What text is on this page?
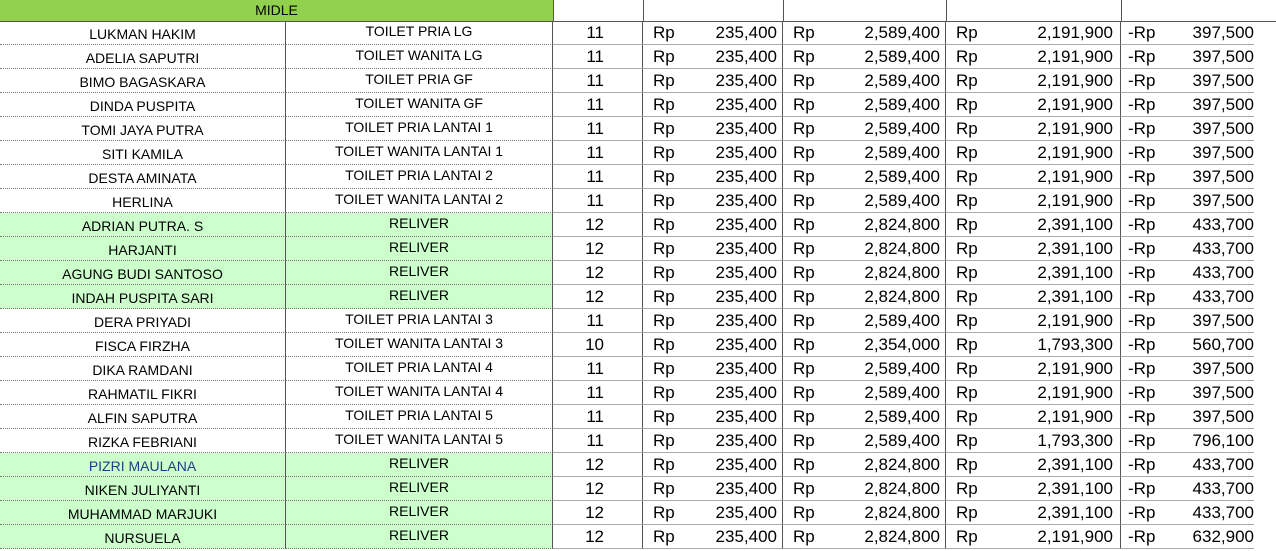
MIDLE
LUKMAN HAKIM	TOILET PRIA LG	11	Rp	235,400 Rp	2,589,400 Rp	2,191,900 -Rp	397,500
ADELIA SAPUTRI	TOILET WANITA LG	11	Rp	235,400 Rp	2,589,400 Rp	2,191,900 -Rp	397,500
BIMO BAGASKARA	TOILET PRIA GF	11	Rp	235,400 Rp	2,589,400 Rp	2,191,900 -Rp	397,500
DINDA PUSPITA	TOILET WANITA GF	11	Rp	235,400 Rp	2,589,400 Rp	2,191,900 -Rp	397,500
TOMI JAYA PUTRA	TOILET PRIA LANTAI 1	11	Rp	235,400 Rp	2,589,400 Rp	2,191,900 -Rp	397,500
SITI KAMILA	TOILET WANITA LANTAI 1	11	Rp	235,400 Rp	2,589,400 Rp	2,191,900 -Rp	397,500
DESTA AMINATA	TOILET PRIA LANTAI 2	11	Rp	235,400 Rp	2,589,400 Rp	2,191,900 -Rp	397,500
HERLINA	TOILET WANITA LANTAI 2	11	Rp	235,400 Rp	2,589,400 Rp	2,191,900 -Rp	397,500
ADRIAN PUTRA. S	RELIVER	12	Rp	235,400 Rp	2,824,800 Rp	2,391,100 -Rp	433,700
HARJANTI	RELIVER	12	Rp	235,400 Rp	2,824,800 Rp	2,391,100 -Rp	433,700
AGUNG BUDI SANTOSO	RELIVER	12	Rp	235,400 Rp	2,824,800 Rp	2,391,100 -Rp	433,700
INDAH PUSPITA SARI	RELIVER	12	Rp	235,400 Rp	2,824,800 Rp	2,391,100 -Rp	433,700
DERA PRIYADI	TOILET PRIA LANTAI 3	11	Rp	235,400 Rp	2,589,400 Rp	2,191,900 -Rp	397,500
FISCA FIRZHA	TOILET WANITA LANTAI 3	10	Rp	235,400 Rp	2,354,000 Rp	1,793,300 -Rp	560,700
DIKA RAMDANI	TOILET PRIA LANTAI 4	11	Rp	235,400 Rp	2,589,400 Rp	2,191,900 -Rp	397,500
RAHMATIL FIKRI	TOILET WANITA LANTAI 4	11	Rp	235,400 Rp	2,589,400 Rp	2,191,900 -Rp	397,500
ALFIN SAPUTRA	TOILET PRIA LANTAI 5	11	Rp	235,400 Rp	2,589,400 Rp	2,191,900 -Rp	397,500
RIZKA FEBRIANI	TOILET WANITA LANTAI 5	11	Rp	235,400 Rp	2,589,400 Rp	1,793,300 -Rp	796,100
PIZRI MAULANA	RELIVER	12	Rp	235,400 Rp	2,824,800 Rp	2,391,100 -Rp	433,700
NIKEN JULIYANTI	RELIVER	12	Rp	235,400 Rp	2,824,800 Rp	2,391,100 -Rp	433,700
MUHAMMAD MARJUKI	RELIVER	12	Rp	235,400 Rp	2,824,800 Rp	2,391,100 -Rp	433,700
NURSUELA	RELIVER	12	Rp	235,400 Rp	2,824,800 Rp	2,191,900 -Rp	632,900
